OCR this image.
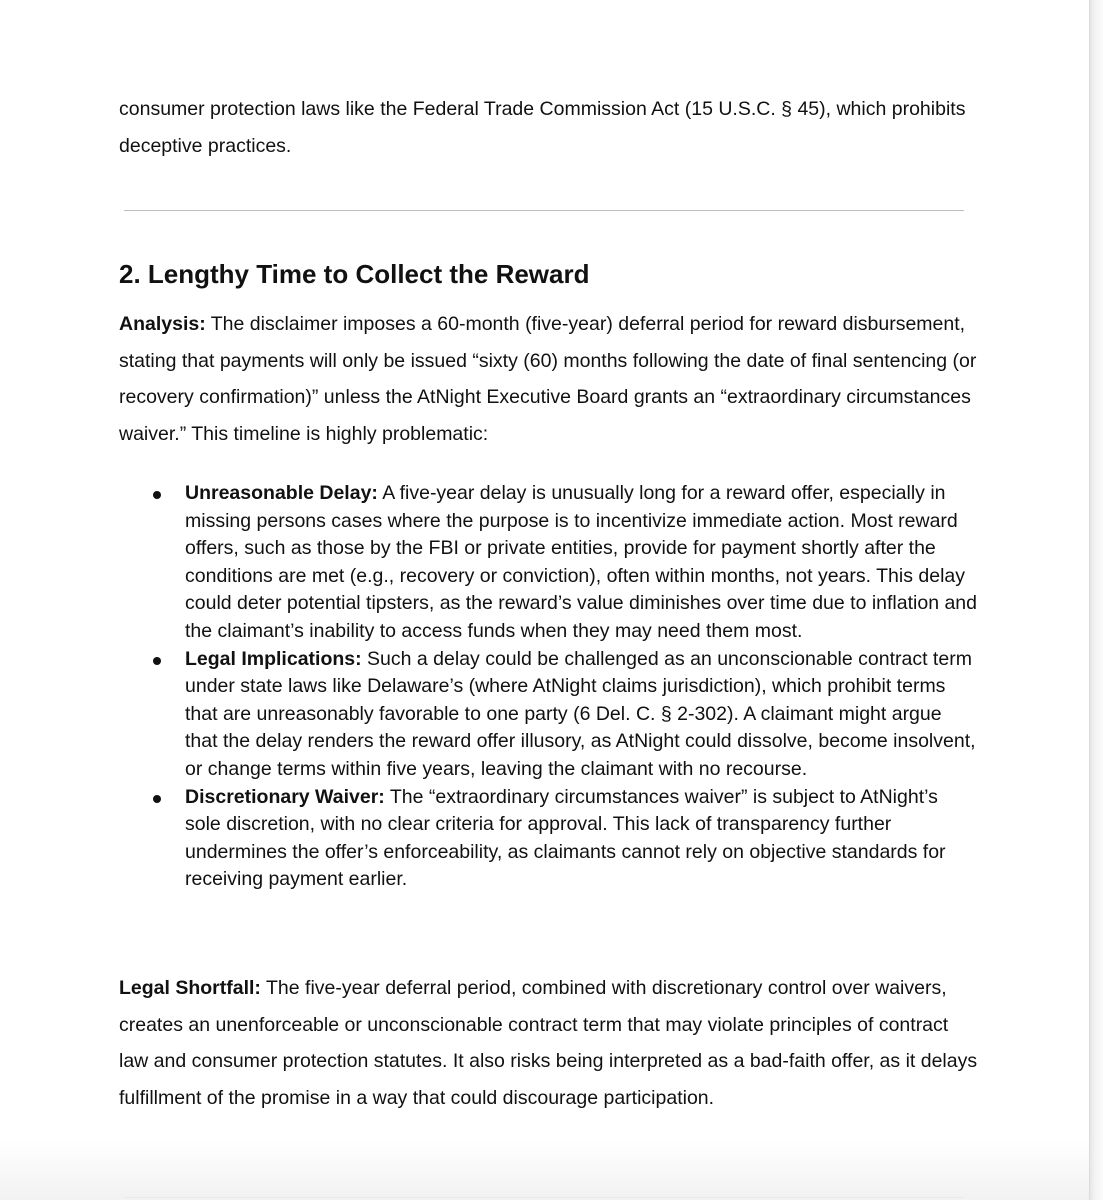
consumer protection laws like the Federal Trade Commission Act (15 U.S.C. § 45), which prohibits deceptive practices.

2. Lengthy Time to Collect the Reward

Analysis: The disclaimer imposes a 60-month (five-year) deferral period for reward disbursement, stating that payments will only be issued “sixty (60) months following the date of final sentencing (or recovery confirmation)” unless the AtNight Executive Board grants an “extraordinary circumstances waiver.” This timeline is highly problematic:

Unreasonable Delay: A five-year delay is unusually long for a reward offer, especially in missing persons cases where the purpose is to incentivize immediate action. Most reward offers, such as those by the FBI or private entities, provide for payment shortly after the conditions are met (e.g., recovery or conviction), often within months, not years. This delay could deter potential tipsters, as the reward’s value diminishes over time due to inflation and the claimant’s inability to access funds when they may need them most.
Legal Implications: Such a delay could be challenged as an unconscionable contract term under state laws like Delaware’s (where AtNight claims jurisdiction), which prohibit terms that are unreasonably favorable to one party (6 Del. C. § 2-302). A claimant might argue that the delay renders the reward offer illusory, as AtNight could dissolve, become insolvent, or change terms within five years, leaving the claimant with no recourse.
Discretionary Waiver: The “extraordinary circumstances waiver” is subject to AtNight’s sole discretion, with no clear criteria for approval. This lack of transparency further undermines the offer’s enforceability, as claimants cannot rely on objective standards for receiving payment earlier.

Legal Shortfall: The five-year deferral period, combined with discretionary control over waivers, creates an unenforceable or unconscionable contract term that may violate principles of contract law and consumer protection statutes. It also risks being interpreted as a bad-faith offer, as it delays fulfillment of the promise in a way that could discourage participation.
